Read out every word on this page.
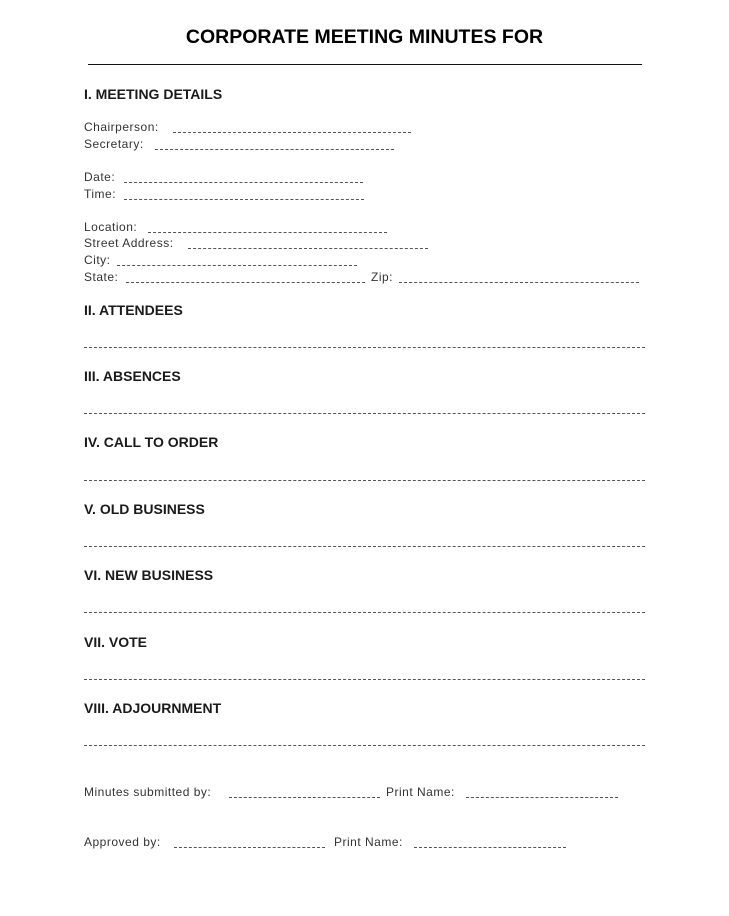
CORPORATE MEETING MINUTES FOR
I. MEETING DETAILS
Chairperson:
Secretary:
Date:
Time:
Location:
Street Address:
City:
State:	Zip:
II. ATTENDEES
III. ABSENCES
IV. CALL TO ORDER
V. OLD BUSINESS
VI. NEW BUSINESS
VII. VOTE
VIII. ADJOURNMENT
Minutes submitted by:	Print Name:
Approved by:	Print Name:
